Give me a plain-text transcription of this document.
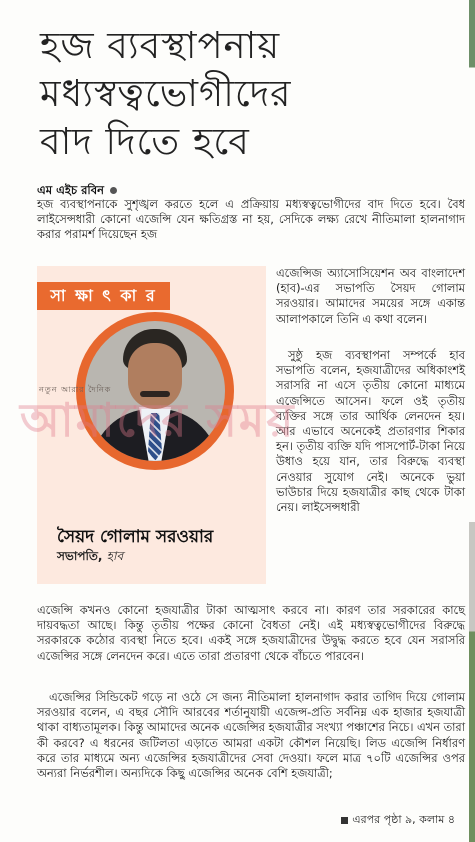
হজ ব্যবস্থাপনায়
মধ্যস্বত্বভোগীদের
বাদ দিতে হবে
এম এইচ রবিন
হজ ব্যবস্থাপনাকে সুশৃঙ্খল করতে হলে এ প্রক্রিয়ায় মধ্যস্বত্বভোগীদের বাদ দিতে হবে। বৈধ লাইসেন্সধারী কোনো এজেন্সি যেন ক্ষতিগ্রস্ত না হয়, সেদিকে লক্ষ্য রেখে নীতিমালা হালনাগাদ করার পরামর্শ দিয়েছেন হজ
সা ক্ষা ৎ কা র
নতুন আরার দৈনিক
সৈয়দ গোলাম সরওয়ার
সভাপতি, হাব
এজেন্সিজ অ্যাসোসিয়েশন অব বাংলাদেশ (হাব)-এর সভাপতি সৈয়দ গোলাম সরওয়ার। আমাদের সময়ের সঙ্গে একান্ত আলাপকালে তিনি এ কথা বলেন।
সুষ্ঠু হজ ব্যবস্থাপনা সম্পর্কে হাব সভাপতি বলেন, হজযাত্রীদের অধিকাংশই সরাসরি না এসে তৃতীয় কোনো মাধ্যমে এজেন্সিতে আসেন। ফলে ওই তৃতীয় ব্যক্তির সঙ্গে তার আর্থিক লেনদেন হয়। আর এভাবে অনেকেই প্রতারণার শিকার হন। তৃতীয় ব্যক্তি যদি পাসপোর্ট-টাকা নিয়ে উধাও হয়ে যান, তার বিরুদ্ধে ব্যবস্থা নেওয়ার সুযোগ নেই। অনেকে ভুয়া ভাউচার দিয়ে হজযাত্রীর কাছ থেকে টাকা নেয়। লাইসেন্সধারী
এজেন্সি কখনও কোনো হজযাত্রীর টাকা আত্মসাৎ করবে না। কারণ তার সরকারের কাছে দায়বদ্ধতা আছে। কিন্তু তৃতীয় পক্ষের কোনো বৈধতা নেই। এই মধ্যস্বত্বভোগীদের বিরুদ্ধে সরকারকে কঠোর ব্যবস্থা নিতে হবে। একই সঙ্গে হজযাত্রীদের উদ্বুদ্ধ করতে হবে যেন সরাসরি এজেন্সির সঙ্গে লেনদেন করে। এতে তারা প্রতারণা থেকে বাঁচতে পারবেন।
এজেন্সির সিন্ডিকেট গড়ে না ওঠে সে জন্য নীতিমালা হালনাগাদ করার তাগিদ দিয়ে গোলাম সরওয়ার বলেন, এ বছর সৌদি আরবের শর্তানুযায়ী এজেন্স-প্রতি সর্বনিম্ন এক হাজার হজযাত্রী থাকা বাধ্যতামূলক। কিন্তু আমাদের অনেক এজেন্সির হজযাত্রীর সংখ্যা পঞ্চাশের নিচে। এখন তারা কী করবে? এ ধরনের জটিলতা এড়াতে আমরা একটা কৌশল নিয়েছি। লিড এজেন্সি নির্ধারণ করে তার মাধ্যমে অন্য এজেন্সির হজযাত্রীদের সেবা দেওয়া। ফলে মাত্র ৭০টি এজেন্সির ওপর অন্যরা নির্ভরশীল। অন্যদিকে কিছু এজেন্সির অনেক বেশি হজযাত্রী;
আমাদের সময়
এরপর পৃষ্ঠা ৯, কলাম ৪
